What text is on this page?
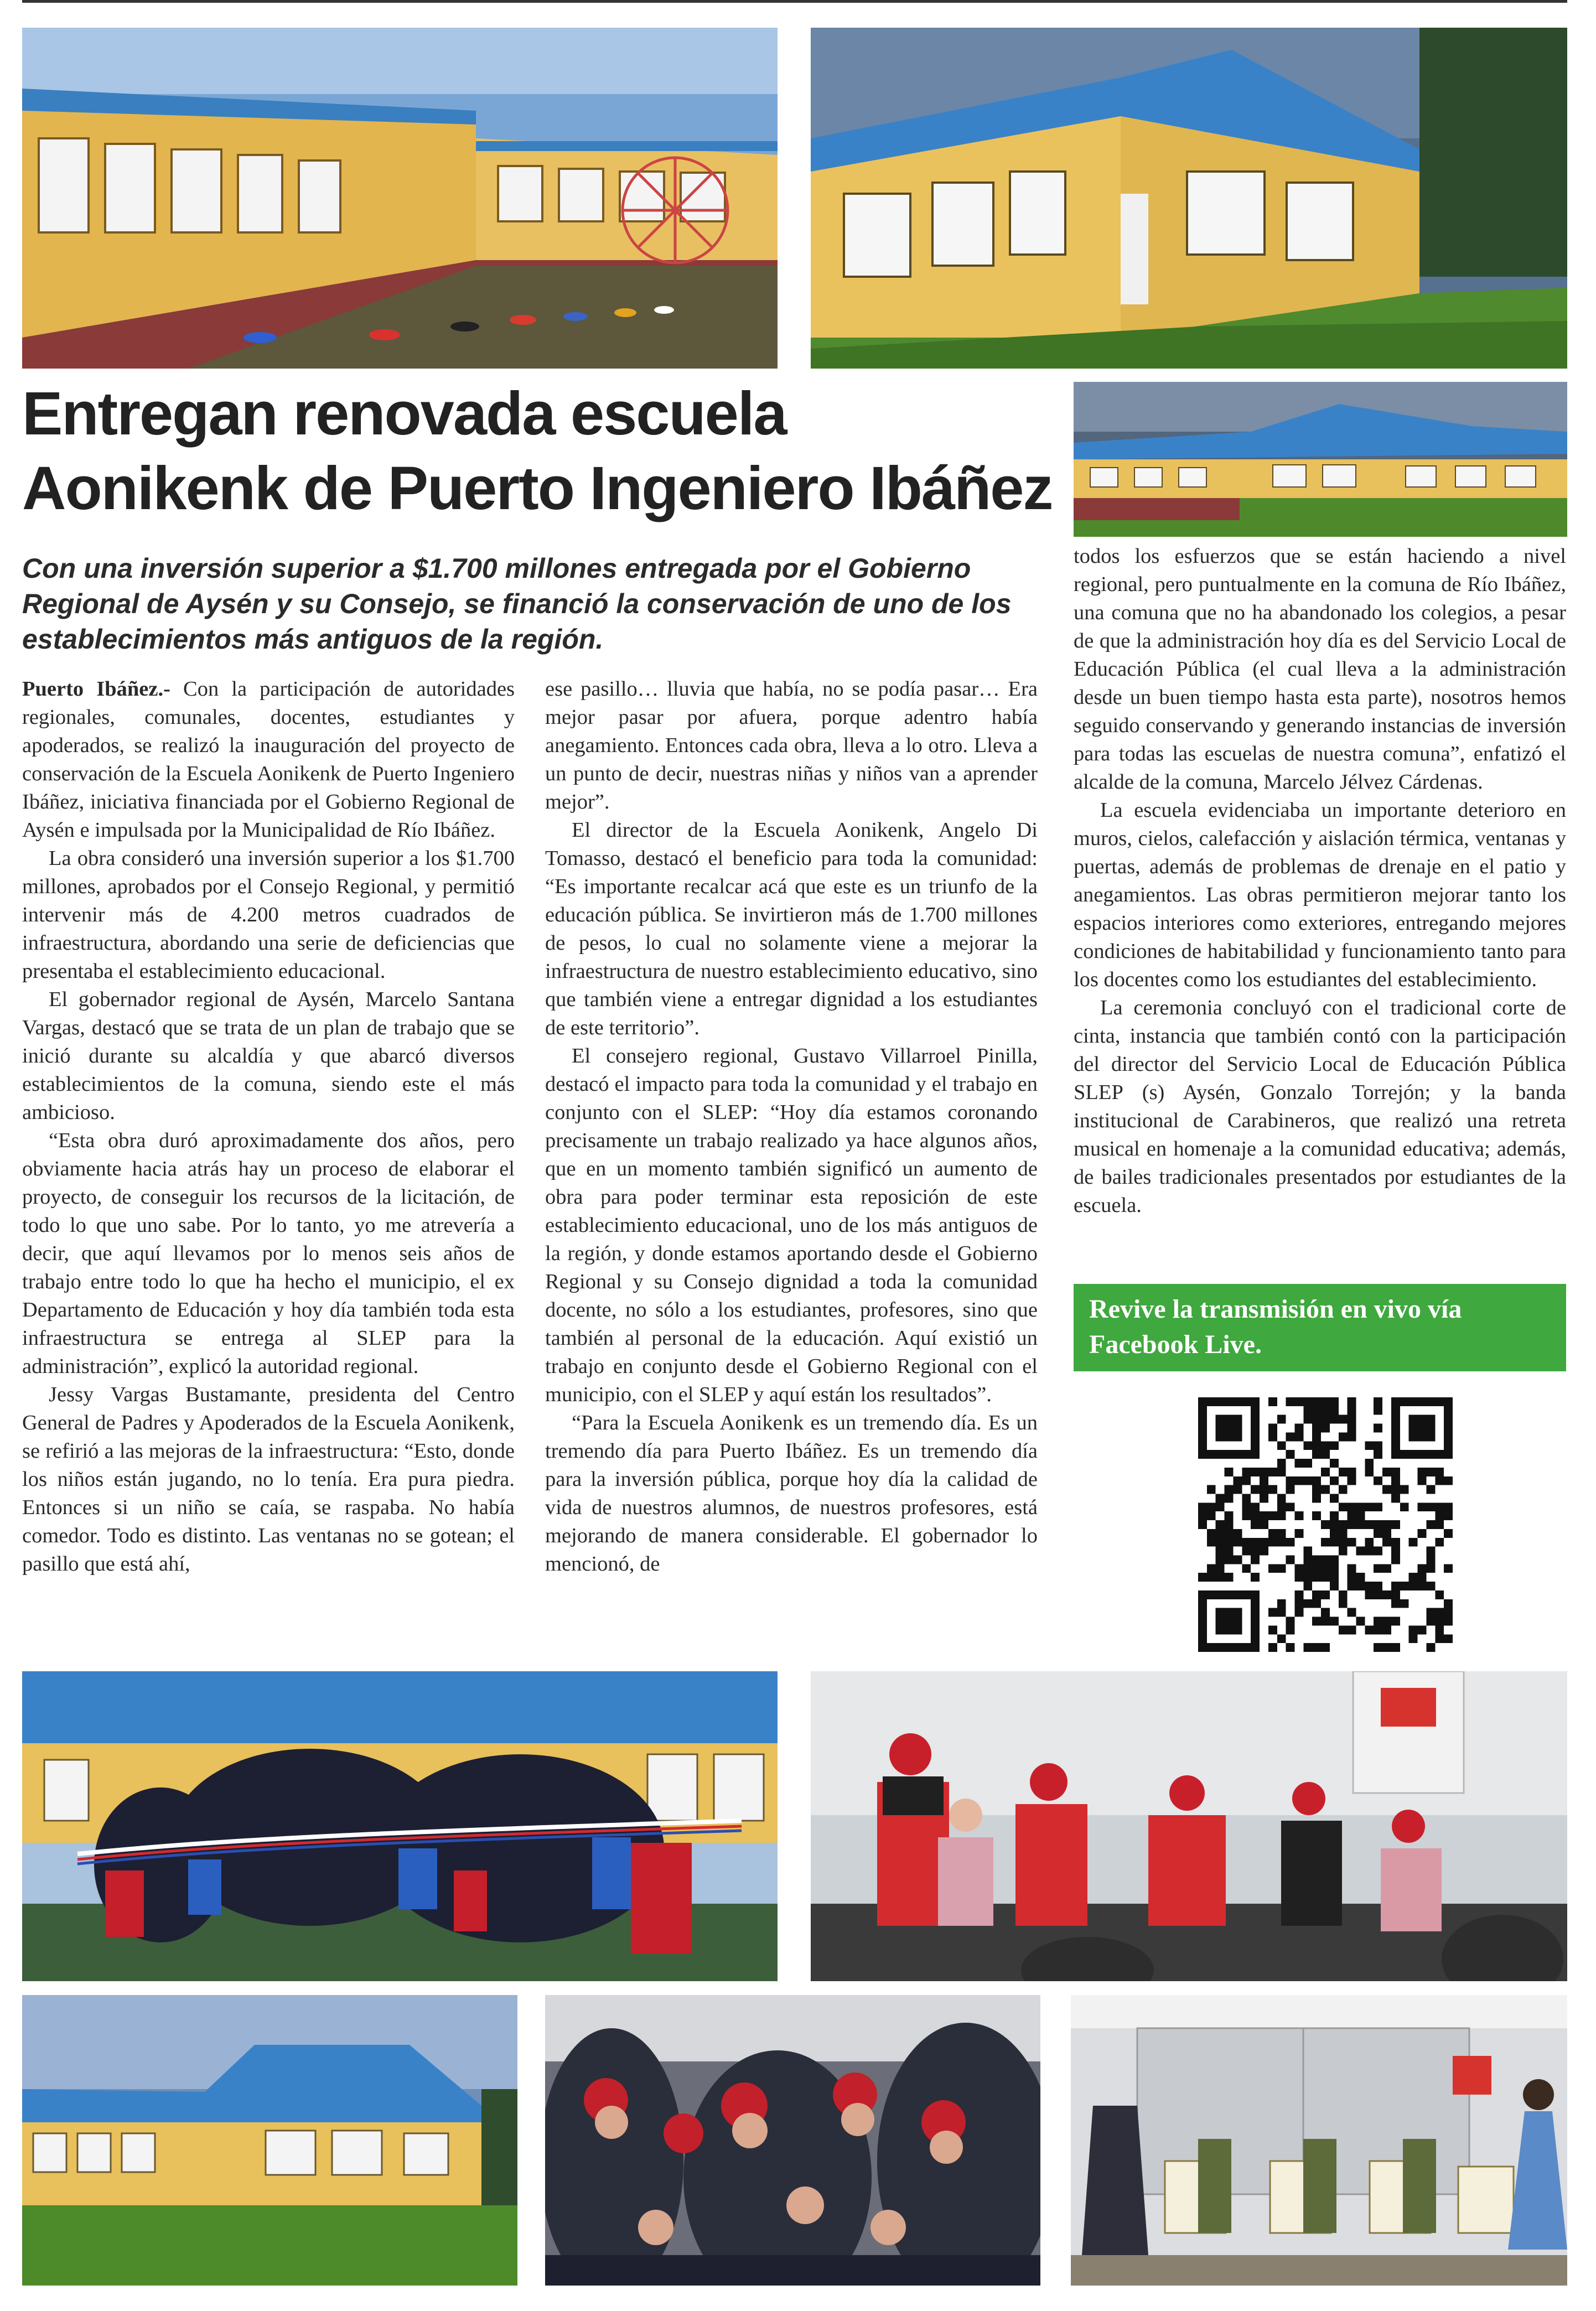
Entregan renovada escuela Aonikenk de Puerto Ingeniero Ibáñez

Con una inversión superior a $1.700 millones entregada por el Gobierno Regional de Aysén y su Consejo, se financió la conservación de uno de los establecimientos más antiguos de la región.

Puerto Ibáñez.- Con la participación de autoridades regionales, comunales, docentes, estudiantes y apoderados, se realizó la inauguración del proyecto de conservación de la Escuela Aonikenk de Puerto Ingeniero Ibáñez, iniciativa financiada por el Gobierno Regional de Aysén e impulsada por la Municipalidad de Río Ibáñez.

La obra consideró una inversión superior a los $1.700 millones, aprobados por el Consejo Regional, y permitió intervenir más de 4.200 metros cuadrados de infraestructura, abordando una serie de deficiencias que presentaba el establecimiento educacional.

El gobernador regional de Aysén, Marcelo Santana Vargas, destacó que se trata de un plan de trabajo que se inició durante su alcaldía y que abarcó diversos establecimientos de la comuna, siendo este el más ambicioso.

“Esta obra duró aproximadamente dos años, pero obviamente hacia atrás hay un proceso de elaborar el proyecto, de conseguir los recursos de la licitación, de todo lo que uno sabe. Por lo tanto, yo me atrevería a decir, que aquí llevamos por lo menos seis años de trabajo entre todo lo que ha hecho el municipio, el ex Departamento de Educación y hoy día también toda esta infraestructura se entrega al SLEP para la administración”, explicó la autoridad regional.

Jessy Vargas Bustamante, presidenta del Centro General de Padres y Apoderados de la Escuela Aonikenk, se refirió a las mejoras de la infraestructura: “Esto, donde los niños están jugando, no lo tenía. Era pura piedra. Entonces si un niño se caía, se raspaba. No había comedor. Todo es distinto. Las ventanas no se gotean; el pasillo que está ahí,

ese pasillo… lluvia que había, no se podía pasar… Era mejor pasar por afuera, porque adentro había anegamiento. Entonces cada obra, lleva a lo otro. Lleva a un punto de decir, nuestras niñas y niños van a aprender mejor”.

El director de la Escuela Aonikenk, Angelo Di Tomasso, destacó el beneficio para toda la comunidad: “Es importante recalcar acá que este es un triunfo de la educación pública. Se invirtieron más de 1.700 millones de pesos, lo cual no solamente viene a mejorar la infraestructura de nuestro establecimiento educativo, sino que también viene a entregar dignidad a los estudiantes de este territorio”.

El consejero regional, Gustavo Villarroel Pinilla, destacó el impacto para toda la comunidad y el trabajo en conjunto con el SLEP: “Hoy día estamos coronando precisamente un trabajo realizado ya hace algunos años, que en un momento también significó un aumento de obra para poder terminar esta reposición de este establecimiento educacional, uno de los más antiguos de la región, y donde estamos aportando desde el Gobierno Regional y su Consejo dignidad a toda la comunidad docente, no sólo a los estudiantes, profesores, sino que también al personal de la educación. Aquí existió un trabajo en conjunto desde el Gobierno Regional con el municipio, con el SLEP y aquí están los resultados”.

“Para la Escuela Aonikenk es un tremendo día. Es un tremendo día para Puerto Ibáñez. Es un tremendo día para la inversión pública, porque hoy día la calidad de vida de nuestros alumnos, de nuestros profesores, está mejorando de manera considerable. El gobernador lo mencionó, de

todos los esfuerzos que se están haciendo a nivel regional, pero puntualmente en la comuna de Río Ibáñez, una comuna que no ha abandonado los colegios, a pesar de que la administración hoy día es del Servicio Local de Educación Pública (el cual lleva a la administración desde un buen tiempo hasta esta parte), nosotros hemos seguido conservando y generando instancias de inversión para todas las escuelas de nuestra comuna”, enfatizó el alcalde de la comuna, Marcelo Jélvez Cárdenas.

La escuela evidenciaba un importante deterioro en muros, cielos, calefacción y aislación térmica, ventanas y puertas, además de problemas de drenaje en el patio y anegamientos. Las obras permitieron mejorar tanto los espacios interiores como exteriores, entregando mejores condiciones de habitabilidad y funcionamiento tanto para los docentes como los estudiantes del establecimiento.

La ceremonia concluyó con el tradicional corte de cinta, instancia que también contó con la participación del director del Servicio Local de Educación Pública SLEP (s) Aysén, Gonzalo Torrejón; y la banda institucional de Carabineros, que realizó una retreta musical en homenaje a la comunidad educativa; además, de bailes tradicionales presentados por estudiantes de la escuela.

Revive la transmisión en vivo vía Facebook Live.
